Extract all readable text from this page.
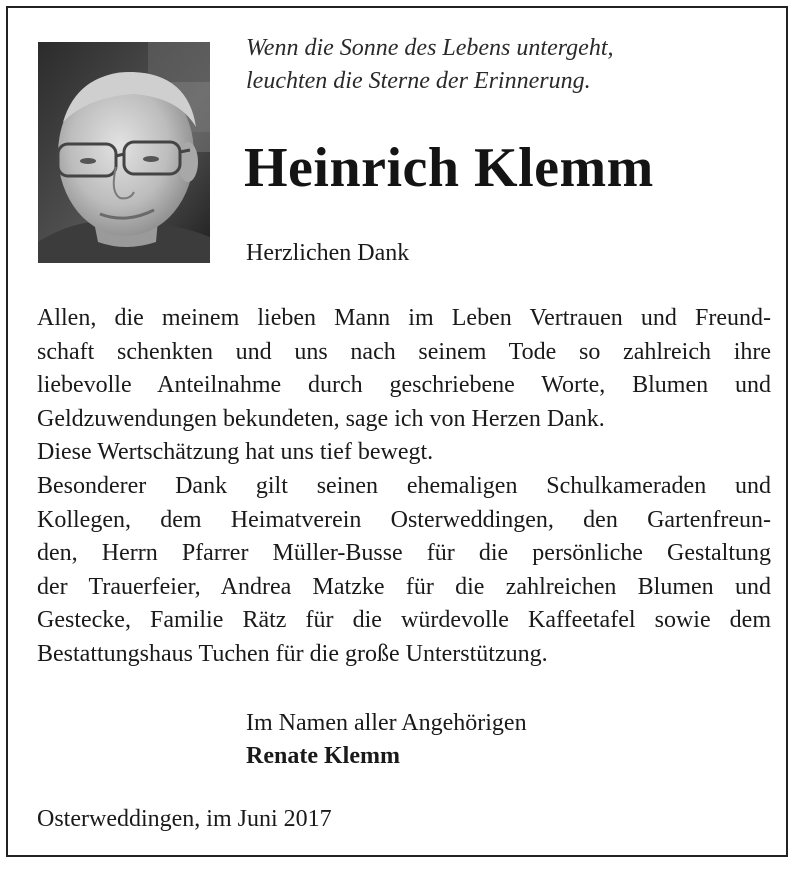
Wenn die Sonne des Lebens untergeht,
leuchten die Sterne der Erinnerung.
Heinrich Klemm
Herzlichen Dank
Allen, die meinem lieben Mann im Leben Vertrauen und Freund-
schaft schenkten und uns nach seinem Tode so zahlreich ihre
liebevolle Anteilnahme durch geschriebene Worte, Blumen und
Geldzuwendungen bekundeten, sage ich von Herzen Dank.
Diese Wertschätzung hat uns tief bewegt.
Besonderer Dank gilt seinen ehemaligen Schulkameraden und
Kollegen, dem Heimatverein Osterweddingen, den Gartenfreun-
den, Herrn Pfarrer Müller-Busse für die persönliche Gestaltung
der Trauerfeier, Andrea Matzke für die zahlreichen Blumen und
Gestecke, Familie Rätz für die würdevolle Kaffeetafel sowie dem
Bestattungshaus Tuchen für die große Unterstützung.
Im Namen aller Angehörigen
Renate Klemm
Osterweddingen, im Juni 2017
